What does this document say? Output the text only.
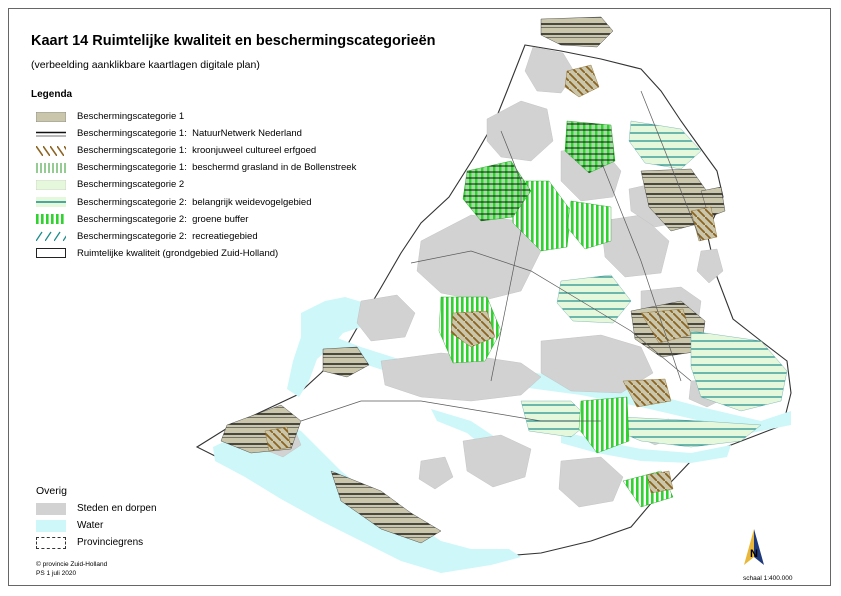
Kaart 14 Ruimtelijke kwaliteit en beschermingscategorieën
(verbeelding aanklikbare kaartlagen digitale plan)
Legenda
Beschermingscategorie 1
Beschermingscategorie 1:  NatuurNetwerk Nederland
Beschermingscategorie 1:  kroonjuweel cultureel erfgoed
Beschermingscategorie 1:  beschermd grasland in de Bollenstreek
Beschermingscategorie 2
Beschermingscategorie 2:  belangrijk weidevogelgebied
Beschermingscategorie 2:  groene buffer
Beschermingscategorie 2:  recreatiegebied
Ruimtelijke kwaliteit (grondgebied Zuid-Holland)
Overig
Steden en dorpen
Water
Provinciegrens
© provincie Zuid-Holland
PS 1 juli 2020
N
schaal 1:400.000
